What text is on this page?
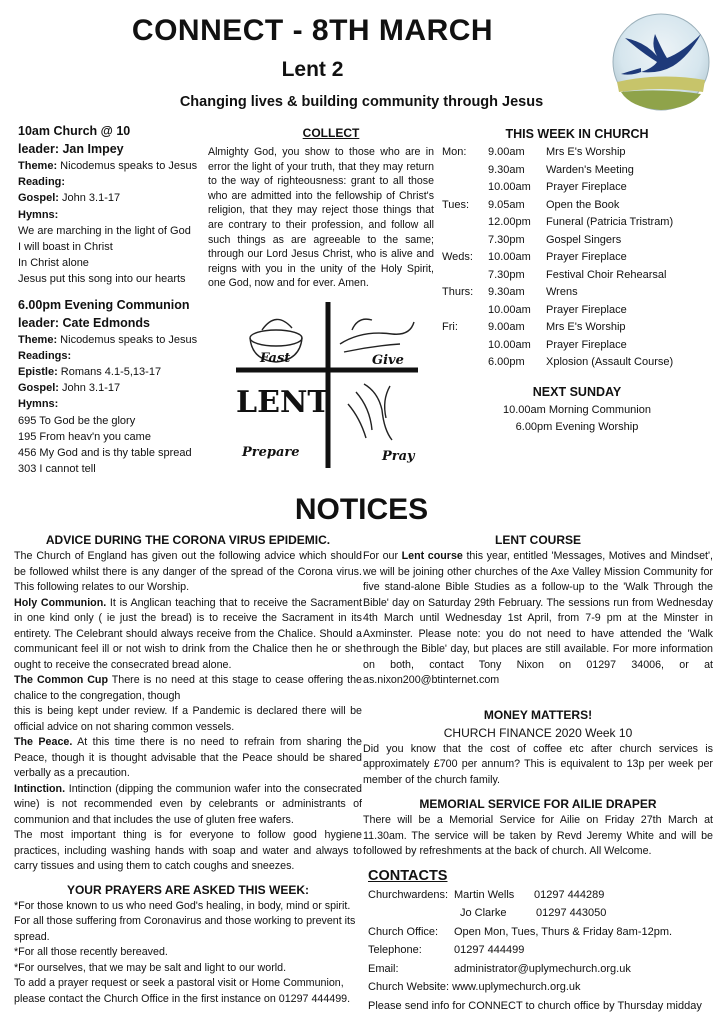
CONNECT - 8TH MARCH
Lent 2
Changing lives & building community through Jesus
10am Church @ 10
leader: Jan Impey
Theme: Nicodemus speaks to Jesus
Reading:
Gospel: John 3.1-17
Hymns:
We are marching in the light of God
I will boast in Christ
In Christ alone
Jesus put this song into our hearts
6.00pm Evening Communion
leader: Cate Edmonds
Theme: Nicodemus speaks to Jesus
Readings:
Epistle: Romans 4.1-5,13-17
Gospel: John 3.1-17
Hymns:
695 To God be the glory
195 From heav'n you came
456 My God and is thy table spread
303 I cannot tell
COLLECT
Almighty God, you show to those who are in error the light of your truth, that they may return to the way of righteousness: grant to all those who are admitted into the fellowship of Christ's religion, that they may reject those things that are contrary to their profession, and follow all such things as are agreeable to the same; through our Lord Jesus Christ, who is alive and reigns with you in the unity of the Holy Spirit, one God, now and for ever. Amen.
Fast	Give
LENT
Prepare	Pray
THIS WEEK IN CHURCH
Mon:	9.00am	Mrs E's Worship
9.30am	Warden's Meeting
10.00am	Prayer Fireplace
Tues:	9.05am	Open the Book
12.00pm	Funeral (Patricia Tristram)
7.30pm	Gospel Singers
Weds:	10.00am	Prayer Fireplace
7.30pm	Festival Choir Rehearsal
Thurs:	9.30am	Wrens
10.00am	Prayer Fireplace
Fri:	9.00am	Mrs E's Worship
10.00am	Prayer Fireplace
6.00pm	Xplosion (Assault Course)
NEXT SUNDAY
10.00am Morning Communion
6.00pm Evening Worship
NOTICES
ADVICE DURING THE CORONA VIRUS EPIDEMIC.

The Church of England has given out the following advice which should be followed whilst there is any danger of the spread of the Corona virus. This following relates to our Worship.

Holy Communion. It is Anglican teaching that to receive the Sacrament in one kind only ( ie just the bread) is to receive the Sacrament in its entirety. The Celebrant should always receive from the Chalice. Should a communicant feel ill or not wish to drink from the Chalice then he or she ought to receive the consecrated bread alone.

The Common Cup There is no need at this stage to cease offering the chalice to the congregation, though

this is being kept under review. If a Pandemic is declared there will be official advice on not sharing common vessels.

The Peace. At this time there is no need to refrain from sharing the Peace, though it is thought advisable that the Peace should be shared verbally as a precaution.

Intinction. Intinction (dipping the communion wafer into the consecrated wine) is not recommended even by celebrants or administrants of communion and that includes the use of gluten free wafers.

The most important thing is for everyone to follow good hygiene practices, including washing hands with soap and water and always to carry tissues and using them to catch coughs and sneezes.

YOUR PRAYERS ARE ASKED THIS WEEK:

*For those known to us who need God's healing, in body, mind or spirit. For all those suffering from Coronavirus and those working to prevent its spread.

*For all those recently bereaved.

*For ourselves, that we may be salt and light to our world.

To add a prayer request or seek a pastoral visit or Home Communion, please contact the Church Office in the first instance on 01297 444499.

LENT COURSE

For our Lent course this year, entitled 'Messages, Motives and Mindset', we will be joining other churches of the Axe Valley Mission Community for five stand-alone Bible Studies as a follow-up to the 'Walk Through the Bible' day on Saturday 29th February. The sessions run from Wednesday 4th March until Wednesday 1st April, from 7-9 pm at the Minster in Axminster. Please note: you do not need to have attended the 'Walk through the Bible' day, but places are still available. For more information on both, contact Tony Nixon on 01297 34006, or at as.nixon200@btinternet.com

MONEY MATTERS!
CHURCH FINANCE 2020 Week 10

Did you know that the cost of coffee etc after church services is approximately £700 per annum? This is equivalent to 13p per week per member of the church family.

MEMORIAL SERVICE FOR AILIE DRAPER

There will be a Memorial Service for Ailie on Friday 27th March at 11.30am. The service will be taken by Revd Jeremy White and will be followed by refreshments at the back of church. All Welcome.

CONTACTS
Churchwardens: Martin Wells	01297 444289
Jo Clarke	01297 443050
Church Office:	Open Mon, Tues, Thurs & Friday 8am-12pm.
Telephone:	01297 444499
Email:	administrator@uplymechurch.org.uk
Church Website: www.uplymechurch.org.uk
Please send info for CONNECT to church office by Thursday midday
